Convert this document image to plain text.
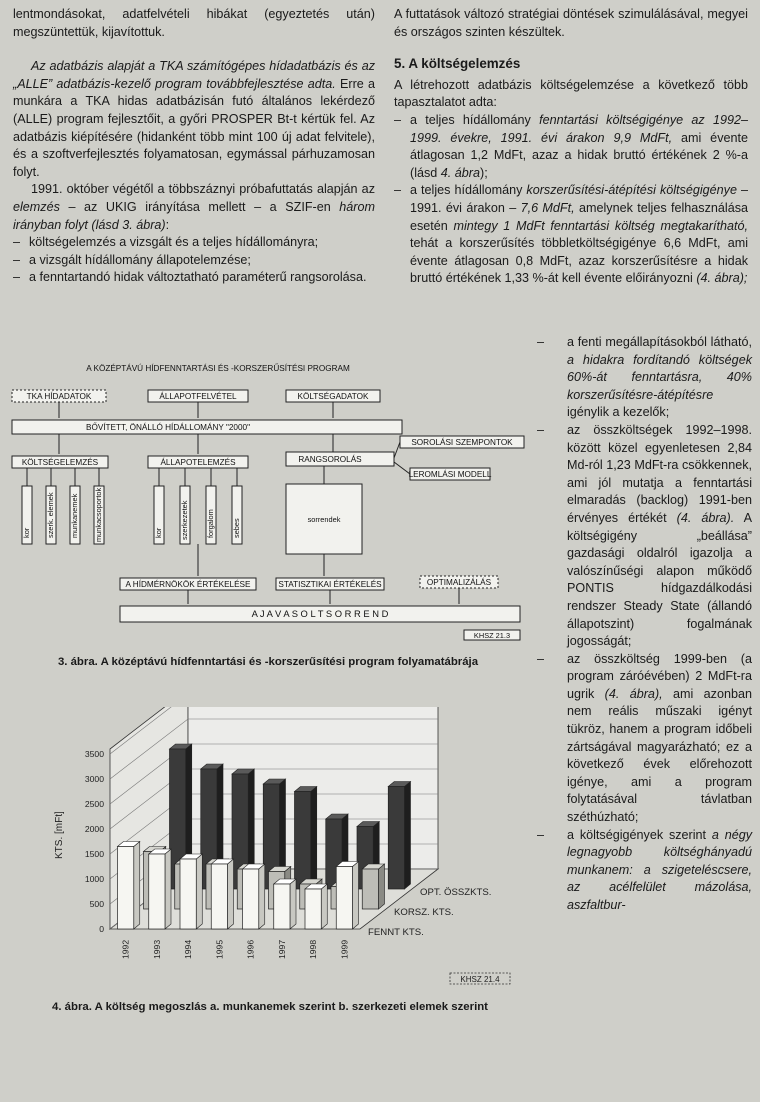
lentmondásokat, adatfelvételi hibákat (egyeztetés után) megszüntettük, kijavítottuk.

Az adatbázis alapját a TKA számítógépes hídadatbázis és az „ALLE” adatbázis-kezelő program továbbfejlesztése adta. Erre a munkára a TKA hidas adatbázisán futó általános lekérdező (ALLE) program fejlesztőit, a győri PROSPER Bt-t kértük fel. Az adatbázis kiépítésére (hidanként több mint 100 új adat felvitele), és a szoftverfejlesztés folyamatosan, egymással párhuzamosan folyt.

1991. október végétől a többszáznyi próbafuttatás alapján az elemzés – az UKIG irányítása mellett – a SZIF-en három irányban folyt (lásd 3. ábra):

– költségelemzés a vizsgált és a teljes hídállományra;
– a vizsgált hídállomány állapotelemzése;
– a fenntartandó hidak változtatható paraméterű rangsorolása.

A futtatások változó stratégiai döntések szimulálásával, megyei és országos szinten készültek.

5. A költségelemzés

A létrehozott adatbázis költségelemzése a következő több tapasztalatot adta:

– a teljes hídállomány fenntartási költségigénye az 1992–1999. évekre, 1991. évi árakon 9,9 MdFt, ami évente átlagosan 1,2 MdFt, azaz a hidak bruttó értékének 2 %-a (lásd 4. ábra);
– a teljes hídállomány korszerűsítési-átépítési költségigénye – 1991. évi árakon – 7,6 MdFt, amelynek teljes felhasználása esetén mintegy 1 MdFt fenntartási költség megtakarítható, tehát a korszerűsítés többletköltségigénye 6,6 MdFt, ami évente átlagosan 0,8 MdFt, azaz korszerűsítésre a hidak bruttó értékének 1,33 %-át kell évente előirányozni (4. ábra);
– a fenti megállapításokból látható, a hidakra fordítandó költségek 60%-át fenntartásra, 40% korszerűsítésre-átépítésre igénylik a kezelők;
– az összköltségek 1992–1998. között közel egyenletesen 2,84 Md-ról 1,23 MdFt-ra csökkennek, ami jól mutatja a fenntartási elmaradás (backlog) 1991-ben érvényes értékét (4. ábra). A költségigény „beállása” gazdasági oldalról igazolja a valószínűségi alapon működő PONTIS hídgazdálkodási rendszer Steady State (állandó állapotszint) fogalmának jogosságát;
– az összköltség 1999-ben (a program záróévében) 2 MdFt-ra ugrik (4. ábra), ami azonban nem reális műszaki igényt tükröz, hanem a program időbeli zártságával magyarázható; ez a következő évek előrehozott igénye, ami a program folytatásával távlatban széthúzható;
– a költségigények szerint a négy legnagyobb költséghányadú munkanem: a szigeteléscsere, az acélfelület mázolása, aszfaltbur-
A KÖZÉPTÁVÚ HÍDFENNTARTÁSI ÉS -KORSZERŰSÍTÉSI PROGRAM
TKA HÍDADATOK	ÁLLAPOTFELVÉTEL	KÖLTSÉGADATOK
BŐVÍTETT, ÖNÁLLÓ HÍDÁLLOMÁNY "2000"
SOROLÁSI SZEMPONTOK
KÖLTSÉGELEMZÉS	ÁLLAPOTELEMZÉS	RANGSOROLÁS
LEROMLÁSI MODELL
kor szerk. elemek munkanemek munkacsoportok	kor szerkezetek forgalom sebes	sorrendek
A HÍDMÉRNÖKÖK ÉRTÉKELÉSE	STATISZTIKAI ÉRTÉKELÉS	OPTIMALIZÁLÁS
A J A V A S O L T S O R R E N D
KHSZ 21.3
3. ábra. A középtávú hídfenntartási és -korszerűsítési program folyamatábrája
0
500
1000
1500
2000
2500
3000
3500
KTS. [mFt]
OPT. ÖSSZKTS.
KORSZ. KTS.
FENNT KTS.
1992 1993 1994 1995 1996 1997 1998 1999
KHSZ 21.4
4. ábra. A költség megoszlás a. munkanemek szerint b. szerkezeti elemek szerint
